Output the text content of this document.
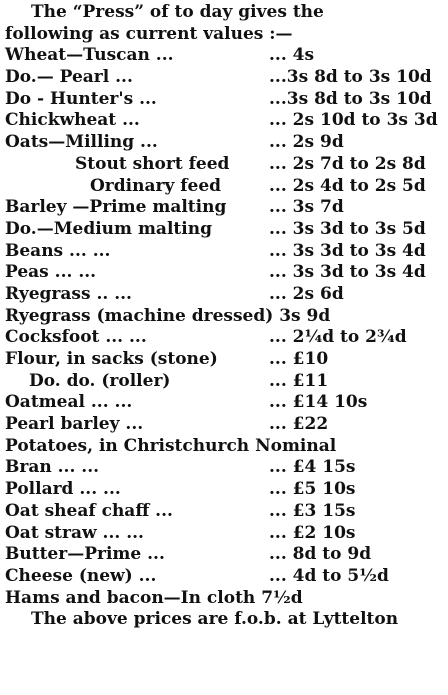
The “Press” of to day gives the
following as current values :—

Wheat—Tuscan ...	... 4s
Do.— Pearl ...	...3s 8d to 3s 10d
Do - Hunter's ...	...3s 8d to 3s 10d
Chickwheat ...	... 2s 10d to 3s 3d
Oats—Milling ...	... 2s 9d
Stout short feed ... 2s 7d to 2s 8d
Ordinary feed	... 2s 4d to 2s 5d
Barley —Prime malting	... 3s 7d
Do.—Medium malting	... 3s 3d to 3s 5d
Beans ... ...	... 3s 3d to 3s 4d
Peas ... ...	... 3s 3d to 3s 4d
Ryegrass .. ...	... 2s 6d
Ryegrass (machine dressed) 3s 9d
Cocksfoot ... ...	... 2¼d to 2¾d
Flour, in sacks (stone)	... £10
Do. do. (roller)	... £11
Oatmeal ... ...	... £14 10s
Pearl barley ...	... £22
Potatoes, in Christchurch Nominal
Bran ... ...	... £4 15s
Pollard ... ...	... £5 10s
Oat sheaf chaff ...	... £3 15s
Oat straw ... ...	... £2 10s
Butter—Prime ...	... 8d to 9d
Cheese (new) ...	... 4d to 5½d
Hams and bacon—In cloth 7½d
The above prices are f.o.b. at Lyttelton
